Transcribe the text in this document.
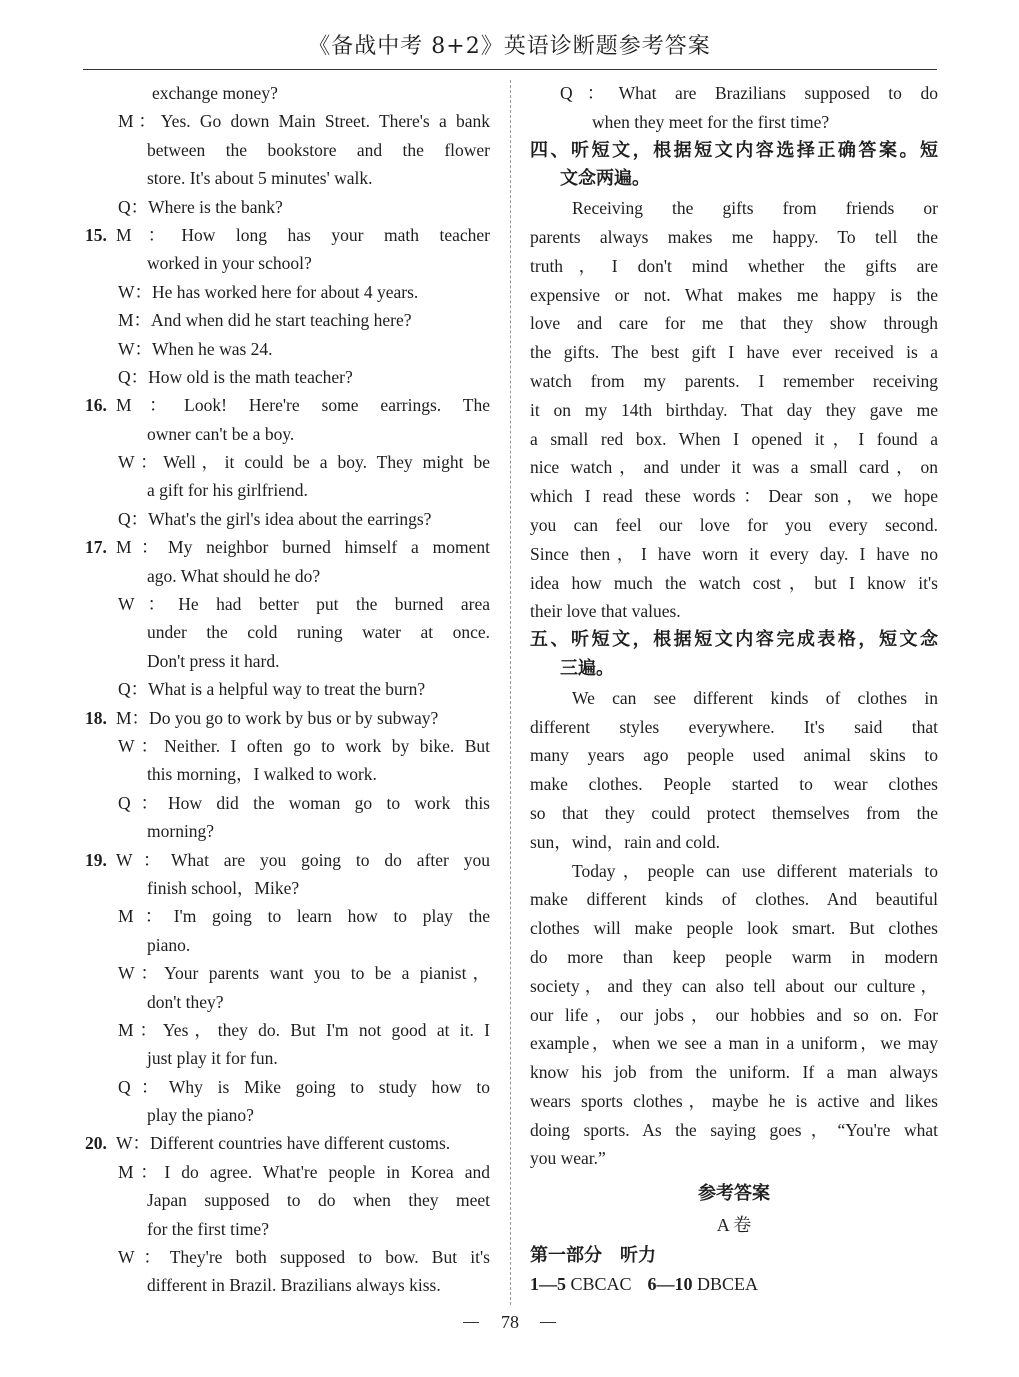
《备战中考 8+2》英语诊断题参考答案
exchange money?
M：Yes. Go down Main Street. There's a bank
between the bookstore and the flower
store. It's about 5 minutes' walk.
Q：Where is the bank?
15. M：How long has your math teacher
worked in your school?
W：He has worked here for about 4 years.
M：And when did he start teaching here?
W：When he was 24.
Q：How old is the math teacher?
16. M：Look! Here're some earrings. The
owner can't be a boy.
W：Well，it could be a boy. They might be
a gift for his girlfriend.
Q：What's the girl's idea about the earrings?
17. M：My neighbor burned himself a moment
ago. What should he do?
W：He had better put the burned area
under the cold runing water at once.
Don't press it hard.
Q：What is a helpful way to treat the burn?
18. M：Do you go to work by bus or by subway?
W：Neither. I often go to work by bike. But
this morning，I walked to work.
Q：How did the woman go to work this
morning?
19. W：What are you going to do after you
finish school，Mike?
M：I'm going to learn how to play the
piano.
W：Your parents want you to be a pianist，
don't they?
M：Yes，they do. But I'm not good at it. I
just play it for fun.
Q：Why is Mike going to study how to
play the piano?
20. W：Different countries have different customs.
M：I do agree. What're people in Korea and
Japan supposed to do when they meet
for the first time?
W：They're both supposed to bow. But it's
different in Brazil. Brazilians always kiss.
Q：What are Brazilians supposed to do
when they meet for the first time?
四、听短文，根据短文内容选择正确答案。短
文念两遍。
Receiving the gifts from friends or
parents always makes me happy. To tell the
truth，I don't mind whether the gifts are
expensive or not. What makes me happy is the
love and care for me that they show through
the gifts. The best gift I have ever received is a
watch from my parents. I remember receiving
it on my 14th birthday. That day they gave me
a small red box. When I opened it，I found a
nice watch，and under it was a small card，on
which I read these words：Dear son，we hope
you can feel our love for you every second.
Since then，I have worn it every day. I have no
idea how much the watch cost，but I know it's
their love that values.
五、听短文，根据短文内容完成表格，短文念
三遍。
We can see different kinds of clothes in
different styles everywhere. It's said that
many years ago people used animal skins to
make clothes. People started to wear clothes
so that they could protect themselves from the
sun，wind，rain and cold.
Today，people can use different materials to
make different kinds of clothes. And beautiful
clothes will make people look smart. But clothes
do more than keep people warm in modern
society，and they can also tell about our culture，
our life，our jobs，our hobbies and so on. For
example，when we see a man in a uniform，we may
know his job from the uniform. If a man always
wears sports clothes，maybe he is active and likes
doing sports. As the saying goes，“You're what
you wear.”
参考答案
A 卷
第一部分　听力
1—5 CBCAC 6—10 DBCEA
78
